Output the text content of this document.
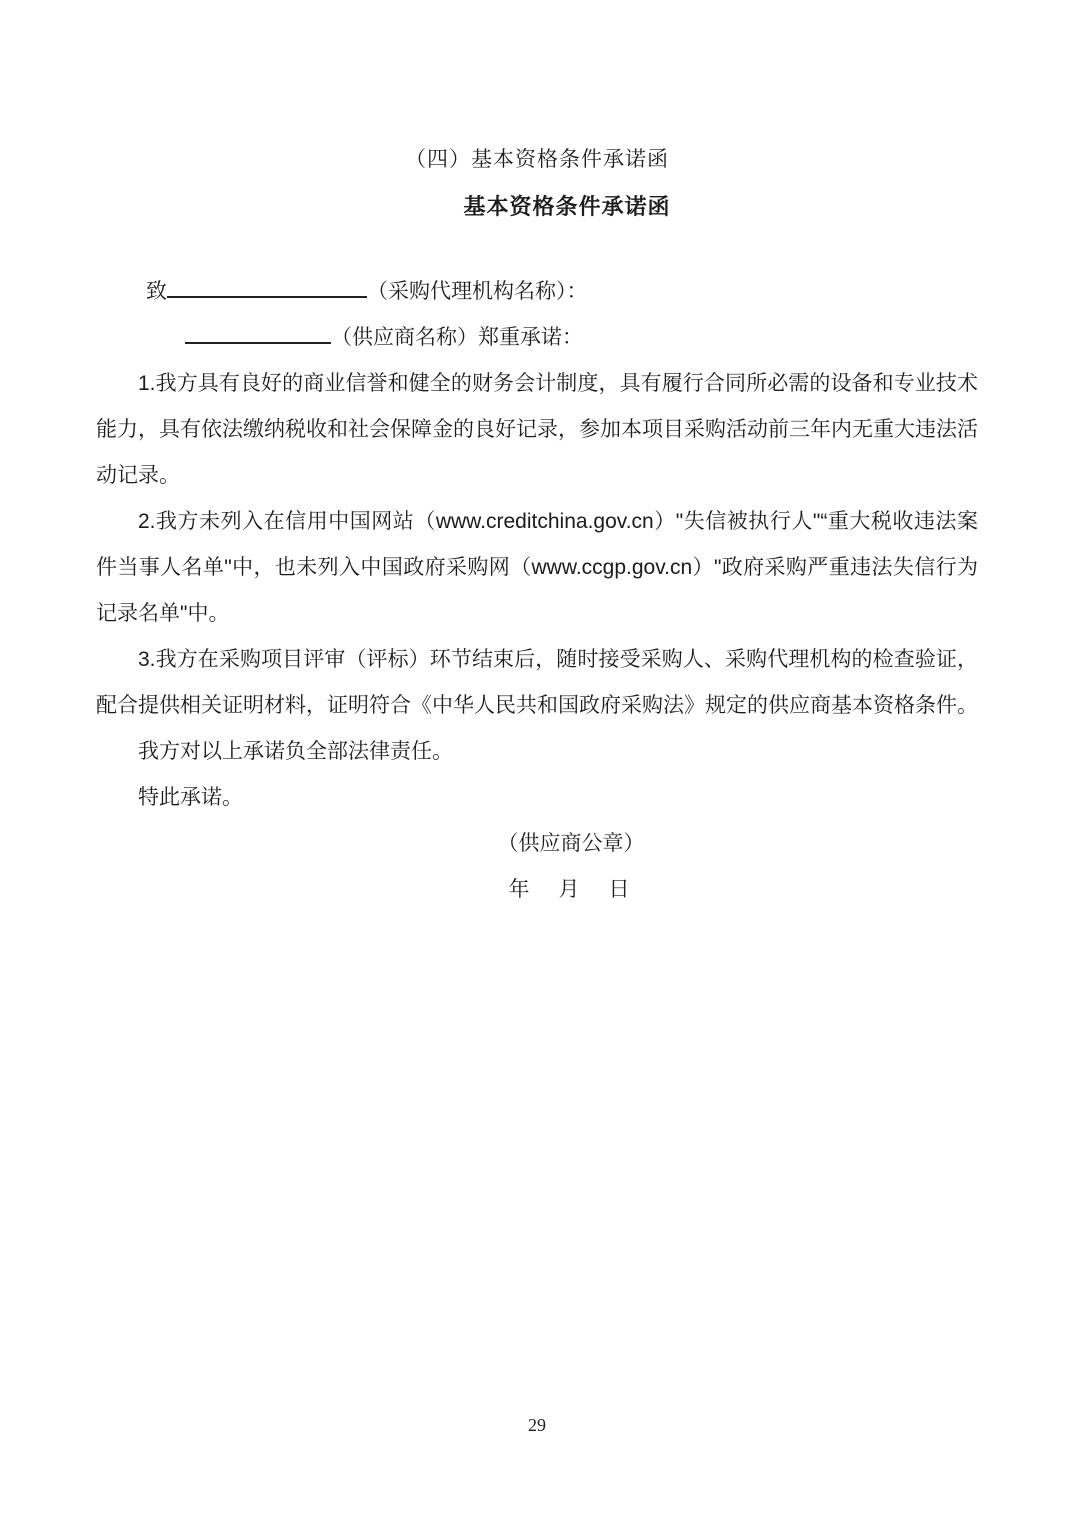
（四）基本资格条件承诺函
基本资格条件承诺函

致	（采购代理机构名称）：

（供应商名称）郑重承诺：

1.我方具有良好的商业信誉和健全的财务会计制度，具有履行合同所必需的设备和专业技术能力，具有依法缴纳税收和社会保障金的良好记录，参加本项目采购活动前三年内无重大违法活动记录。

2.我方未列入在信用中国网站（www.creditchina.gov.cn）"失信被执行人"“重大税收违法案件当事人名单"中，也未列入中国政府采购网（www.ccgp.gov.cn）"政府采购严重违法失信行为记录名单"中。

3.我方在采购项目评审（评标）环节结束后，随时接受采购人、采购代理机构的检查验证，配合提供相关证明材料，证明符合《中华人民共和国政府采购法》规定的供应商基本资格条件。

我方对以上承诺负全部法律责任。

特此承诺。

（供应商公章）
年　月　日
29
